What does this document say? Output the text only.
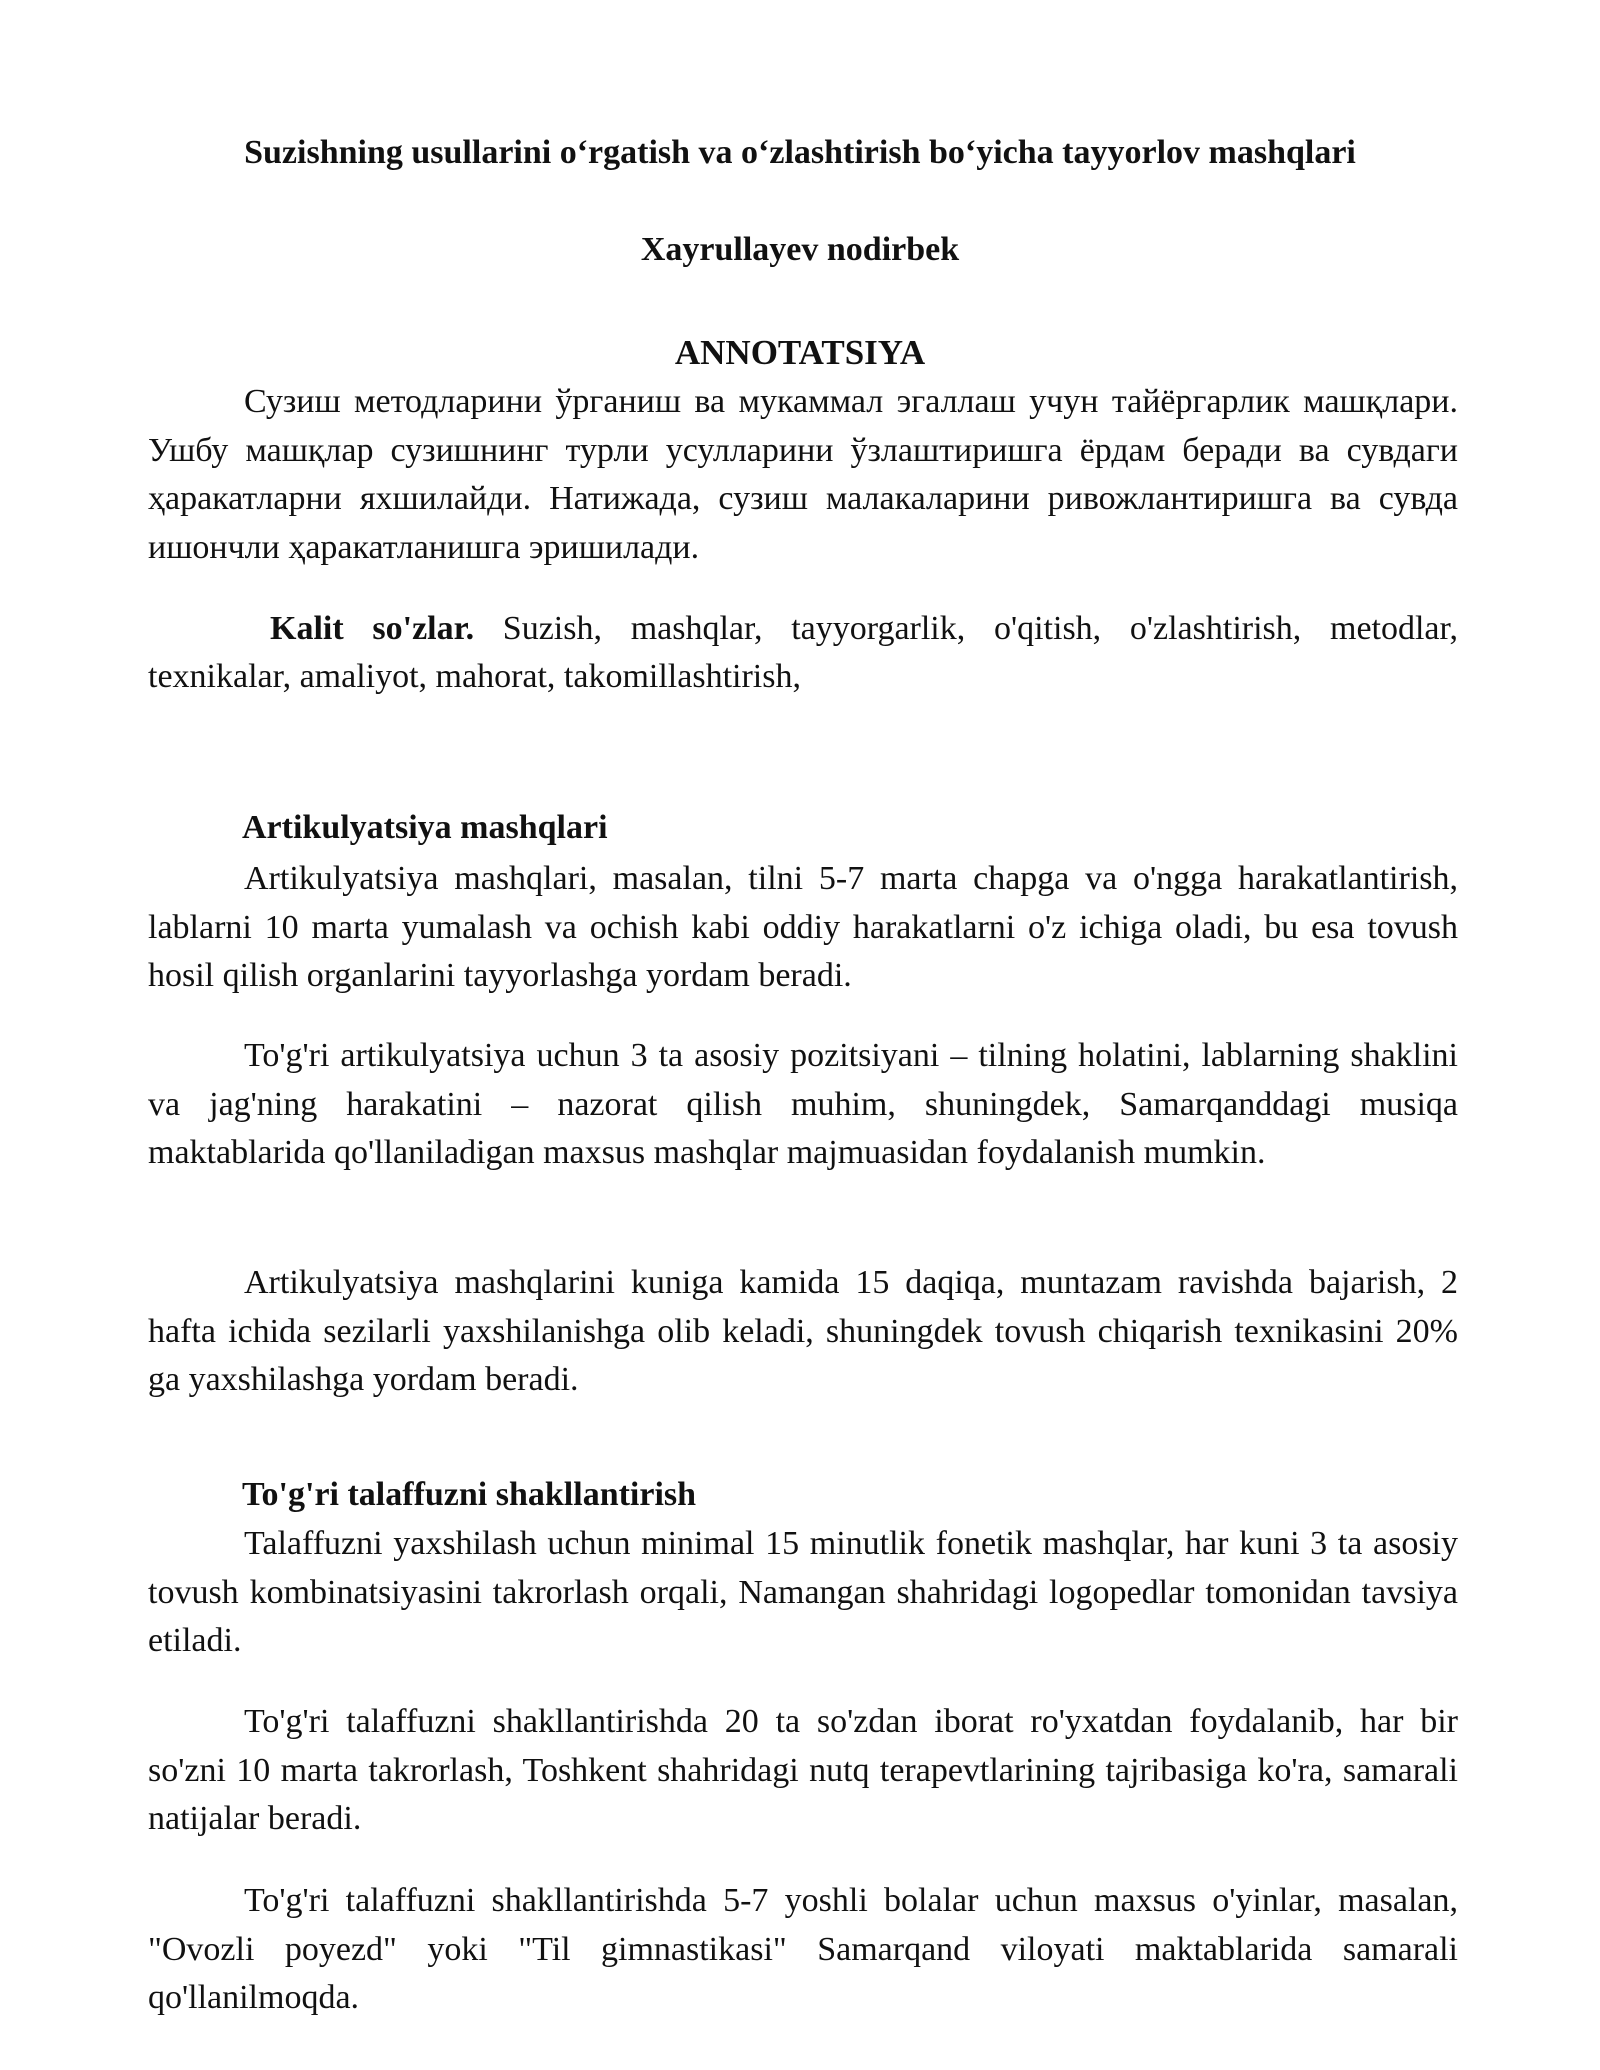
Suzishning usullarini o‘rgatish va o‘zlashtirish bo‘yicha tayyorlov mashqlari
Xayrullayev nodirbek
ANNOTATSIYA

Сузиш методларини ўрганиш ва мукаммал эгаллаш учун тайёргарлик машқлари. Ушбу машқлар сузишнинг турли усулларини ўзлаштиришга ёрдам беради ва сувдаги ҳаракатларни яхшилайди. Натижада, сузиш малакаларини ривожлантиришга ва сувда ишончли ҳаракатланишга эришилади.

Kalit so'zlar. Suzish, mashqlar, tayyorgarlik, o'qitish, o'zlashtirish, metodlar, texnikalar, amaliyot, mahorat, takomillashtirish,

Artikulyatsiya mashqlari

Artikulyatsiya mashqlari, masalan, tilni 5-7 marta chapga va o'ngga harakatlantirish, lablarni 10 marta yumalash va ochish kabi oddiy harakatlarni o'z ichiga oladi, bu esa tovush hosil qilish organlarini tayyorlashga yordam beradi.

To'g'ri artikulyatsiya uchun 3 ta asosiy pozitsiyani – tilning holatini, lablarning shaklini va jag'ning harakatini – nazorat qilish muhim, shuningdek, Samarqanddagi musiqa maktablarida qo'llaniladigan maxsus mashqlar majmuasidan foydalanish mumkin.

Artikulyatsiya mashqlarini kuniga kamida 15 daqiqa, muntazam ravishda bajarish, 2 hafta ichida sezilarli yaxshilanishga olib keladi, shuningdek tovush chiqarish texnikasini 20% ga yaxshilashga yordam beradi.

To'g'ri talaffuzni shakllantirish

Talaffuzni yaxshilash uchun minimal 15 minutlik fonetik mashqlar, har kuni 3 ta asosiy tovush kombinatsiyasini takrorlash orqali, Namangan shahridagi logopedlar tomonidan tavsiya etiladi.

To'g'ri talaffuzni shakllantirishda 20 ta so'zdan iborat ro'yxatdan foydalanib, har bir so'zni 10 marta takrorlash, Toshkent shahridagi nutq terapevtlarining tajribasiga ko'ra, samarali natijalar beradi.

To'g'ri talaffuzni shakllantirishda 5-7 yoshli bolalar uchun maxsus o'yinlar, masalan, "Ovozli poyezd" yoki "Til gimnastikasi" Samarqand viloyati maktablarida samarali qo'llanilmoqda.
